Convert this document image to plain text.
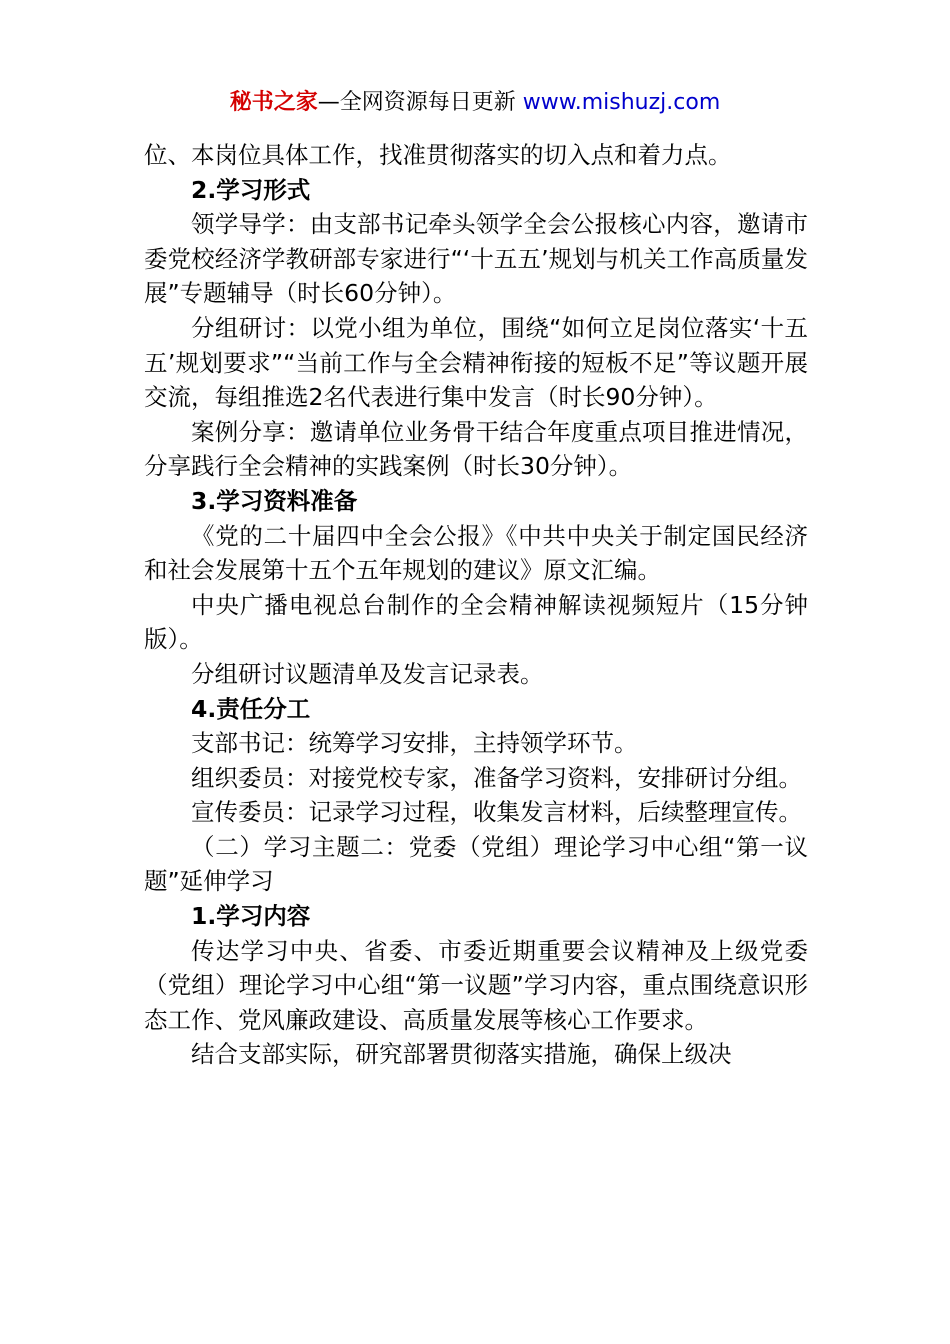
秘书之家—全网资源每日更新 www.mishuzj.com

位、本岗位具体工作，找准贯彻落实的切入点和着力点。

2.学习形式

领学导学：由支部书记牵头领学全会公报核心内容，邀请市委党校经济学教研部专家进行“‘十五五’规划与机关工作高质量发展”专题辅导（时长60分钟）。

分组研讨：以党小组为单位，围绕“如何立足岗位落实‘十五五’规划要求”“当前工作与全会精神衔接的短板不足”等议题开展交流，每组推选2名代表进行集中发言（时长90分钟）。

案例分享：邀请单位业务骨干结合年度重点项目推进情况，分享践行全会精神的实践案例（时长30分钟）。

3.学习资料准备

《党的二十届四中全会公报》《中共中央关于制定国民经济和社会发展第十五个五年规划的建议》原文汇编。

中央广播电视总台制作的全会精神解读视频短片（15分钟版）。

分组研讨议题清单及发言记录表。

4.责任分工

支部书记：统筹学习安排，主持领学环节。

组织委员：对接党校专家，准备学习资料，安排研讨分组。

宣传委员：记录学习过程，收集发言材料，后续整理宣传。

（二）学习主题二：党委（党组）理论学习中心组“第一议题”延伸学习

1.学习内容

传达学习中央、省委、市委近期重要会议精神及上级党委（党组）理论学习中心组“第一议题”学习内容，重点围绕意识形态工作、党风廉政建设、高质量发展等核心工作要求。

结合支部实际，研究部署贯彻落实措施，确保上级决
